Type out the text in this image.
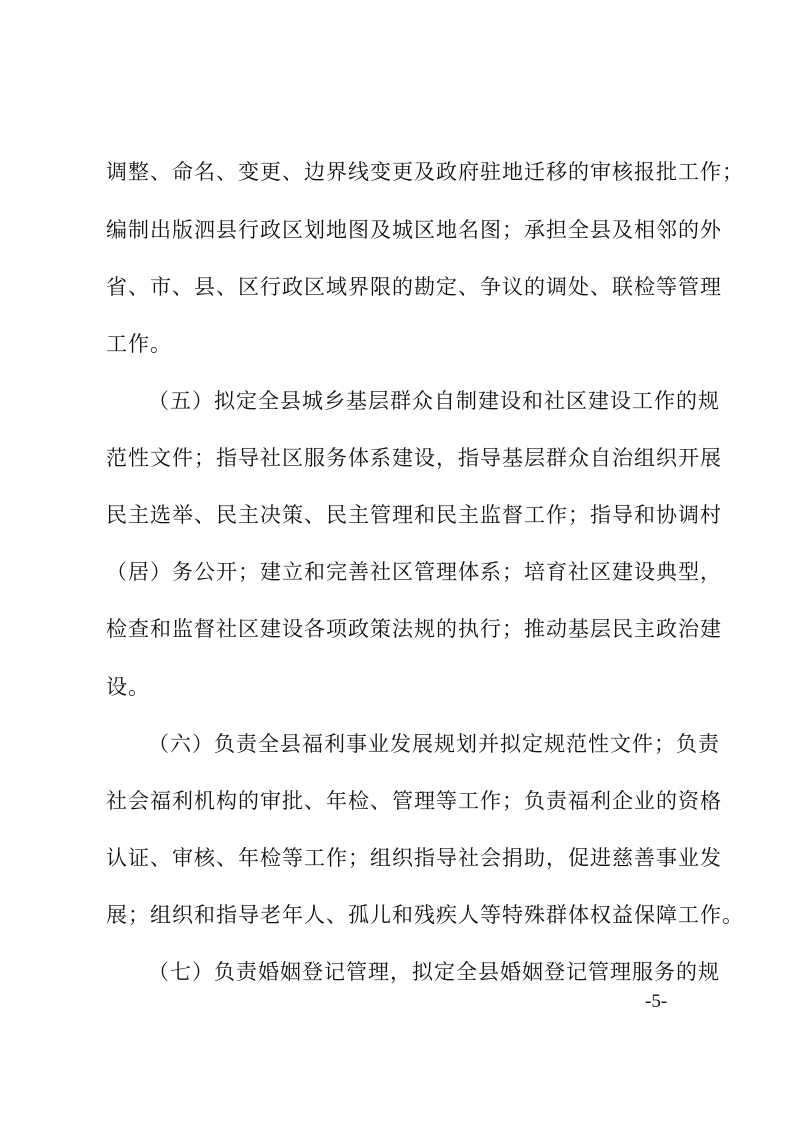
调整、命名、变更、边界线变更及政府驻地迁移的审核报批工作；
编制出版泗县行政区划地图及城区地名图；承担全县及相邻的外
省、市、县、区行政区域界限的勘定、争议的调处、联检等管理
工作。
（五）拟定全县城乡基层群众自制建设和社区建设工作的规
范性文件；指导社区服务体系建设，指导基层群众自治组织开展
民主选举、民主决策、民主管理和民主监督工作；指导和协调村
（居）务公开；建立和完善社区管理体系；培育社区建设典型，
检查和监督社区建设各项政策法规的执行；推动基层民主政治建
设。
（六）负责全县福利事业发展规划并拟定规范性文件；负责
社会福利机构的审批、年检、管理等工作；负责福利企业的资格
认证、审核、年检等工作；组织指导社会捐助，促进慈善事业发
展；组织和指导老年人、孤儿和残疾人等特殊群体权益保障工作。
（七）负责婚姻登记管理，拟定全县婚姻登记管理服务的规
-5-
